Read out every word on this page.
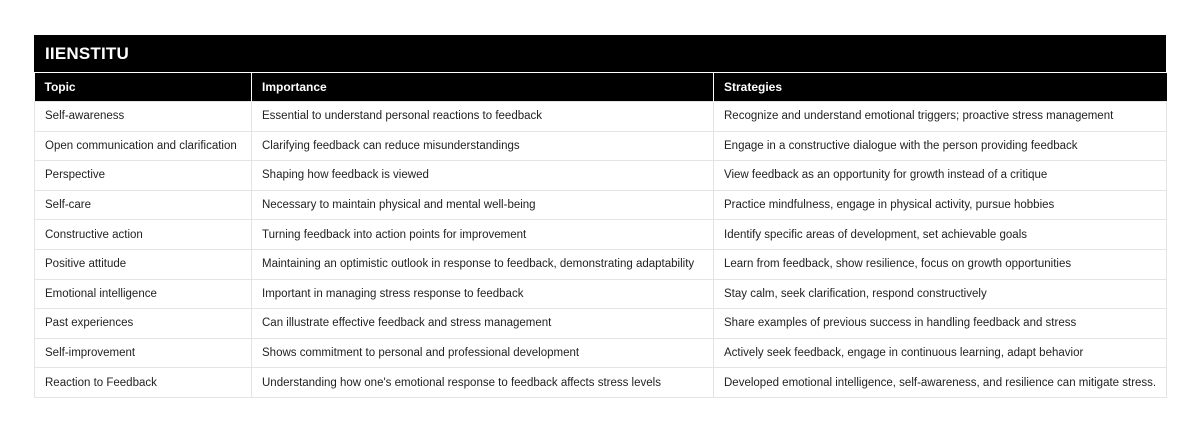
IIENSTITU
Topic	Importance	Strategies
Self-awareness	Essential to understand personal reactions to feedback	Recognize and understand emotional triggers; proactive stress management
Open communication and clarification	Clarifying feedback can reduce misunderstandings	Engage in a constructive dialogue with the person providing feedback
Perspective	Shaping how feedback is viewed	View feedback as an opportunity for growth instead of a critique
Self-care	Necessary to maintain physical and mental well-being	Practice mindfulness, engage in physical activity, pursue hobbies
Constructive action	Turning feedback into action points for improvement	Identify specific areas of development, set achievable goals
Positive attitude	Maintaining an optimistic outlook in response to feedback, demonstrating adaptability	Learn from feedback, show resilience, focus on growth opportunities
Emotional intelligence	Important in managing stress response to feedback	Stay calm, seek clarification, respond constructively
Past experiences	Can illustrate effective feedback and stress management	Share examples of previous success in handling feedback and stress
Self-improvement	Shows commitment to personal and professional development	Actively seek feedback, engage in continuous learning, adapt behavior
Reaction to Feedback	Understanding how one's emotional response to feedback affects stress levels	Developed emotional intelligence, self-awareness, and resilience can mitigate stress.
